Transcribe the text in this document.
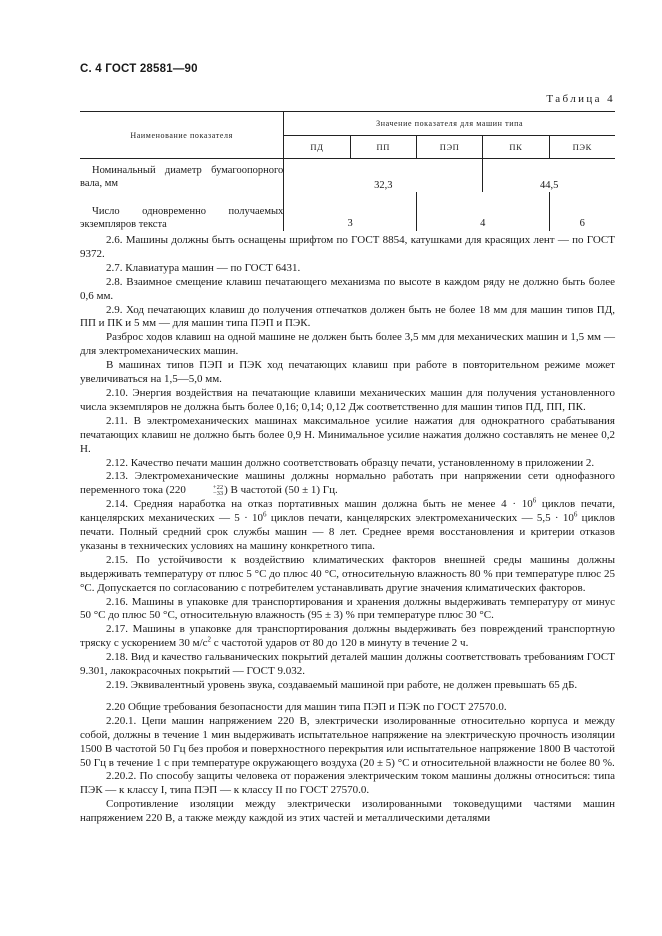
С. 4 ГОСТ 28581—90
Таблица 4
Наименование показателя	Значение показателя для машин типа				
	ПД	ПП	ПЭП	ПК	ПЭК
Номинальный диаметр бумагоопорного вала, мм	32,3			44,5	
Число одновременно получаемых экземпляров текста	3		4		6

2.6. Машины должны быть оснащены шрифтом по ГОСТ 8854, катушками для красящих лент — по ГОСТ 9372.

2.7. Клавиатура машин — по ГОСТ 6431.

2.8. Взаимное смещение клавиш печатающего механизма по высоте в каждом ряду не должно быть более 0,6 мм.

2.9. Ход печатающих клавиш до получения отпечатков должен быть не более 18 мм для машин типов ПД, ПП и ПК и 5 мм — для машин типа ПЭП и ПЭК.

Разброс ходов клавиш на одной машине не должен быть более 3,5 мм для механических машин и 1,5 мм — для электромеханических машин.

В машинах типов ПЭП и ПЭК ход печатающих клавиш при работе в повторительном режиме может увеличиваться на 1,5—5,0 мм.

2.10. Энергия воздействия на печатающие клавиши механических машин для получения установленного числа экземпляров не должна быть более 0,16; 0,14; 0,12 Дж соответственно для машин типов ПД, ПП, ПК.

2.11. В электромеханических машинах максимальное усилие нажатия для однократного срабатывания печатающих клавиш не должно быть более 0,9 Н. Минимальное усилие нажатия должно составлять не менее 0,2 Н.

2.12. Качество печати машин должно соответствовать образцу печати, установленному в приложении 2.

2.13. Электромеханические машины должны нормально работать при напряжении сети однофазного переменного тока (220	+22
−33 ) В частотой (50 ± 1) Гц.

2.14. Средняя наработка на отказ портативных машин должна быть не менее $4 \cdot 10^6$ циклов печати, канцелярских механических — $5 \cdot 10^6$ циклов печати, канцелярских электромеханических — $5,5 \cdot 10^6$ циклов печати. Полный средний срок службы машин — 8 лет. Среднее время восстановления и критерии отказов указаны в технических условиях на машину конкретного типа.

2.15. По устойчивости к воздействию климатических факторов внешней среды машины должны выдерживать температуру от плюс 5 °С до плюс 40 °С, относительную влажность 80 % при температуре плюс 25 °С. Допускается по согласованию с потребителем устанавливать другие значения климатических факторов.

2.16. Машины в упаковке для транспортирования и хранения должны выдерживать температуру от минус 50 °С до плюс 50 °С, относительную влажность (95 ± 3) % при температуре плюс 30 °С.

2.17. Машины в упаковке для транспортирования должны выдерживать без повреждений транспортную тряску с ускорением 30 $м/с^2$ с частотой ударов от 80 до 120 в минуту в течение 2 ч.

2.18. Вид и качество гальванических покрытий деталей машин должны соответствовать требованиям ГОСТ 9.301, лакокрасочных покрытий — ГОСТ 9.032.

2.19. Эквивалентный уровень звука, создаваемый машиной при работе, не должен превышать 65 дБ.

2.20 Общие требования безопасности для машин типа ПЭП и ПЭК по ГОСТ 27570.0.

2.20.1. Цепи машин напряжением 220 В, электрически изолированные относительно корпуса и между собой, должны в течение 1 мин выдерживать испытательное напряжение на электрическую прочность изоляции 1500 В частотой 50 Гц без пробоя и поверхностного перекрытия или испытательное напряжение 1800 В частотой 50 Гц в течение 1 с при температуре окружающего воздуха (20 ± 5) °С и относительной влажности не более 80 %.

2.20.2. По способу защиты человека от поражения электрическим током машины должны относиться: типа ПЭК — к классу I, типа ПЭП — к классу II по ГОСТ 27570.0.

Сопротивление изоляции между электрически изолированными токоведущими частями машин напряжением 220 В, а также между каждой из этих частей и металлическими деталями
